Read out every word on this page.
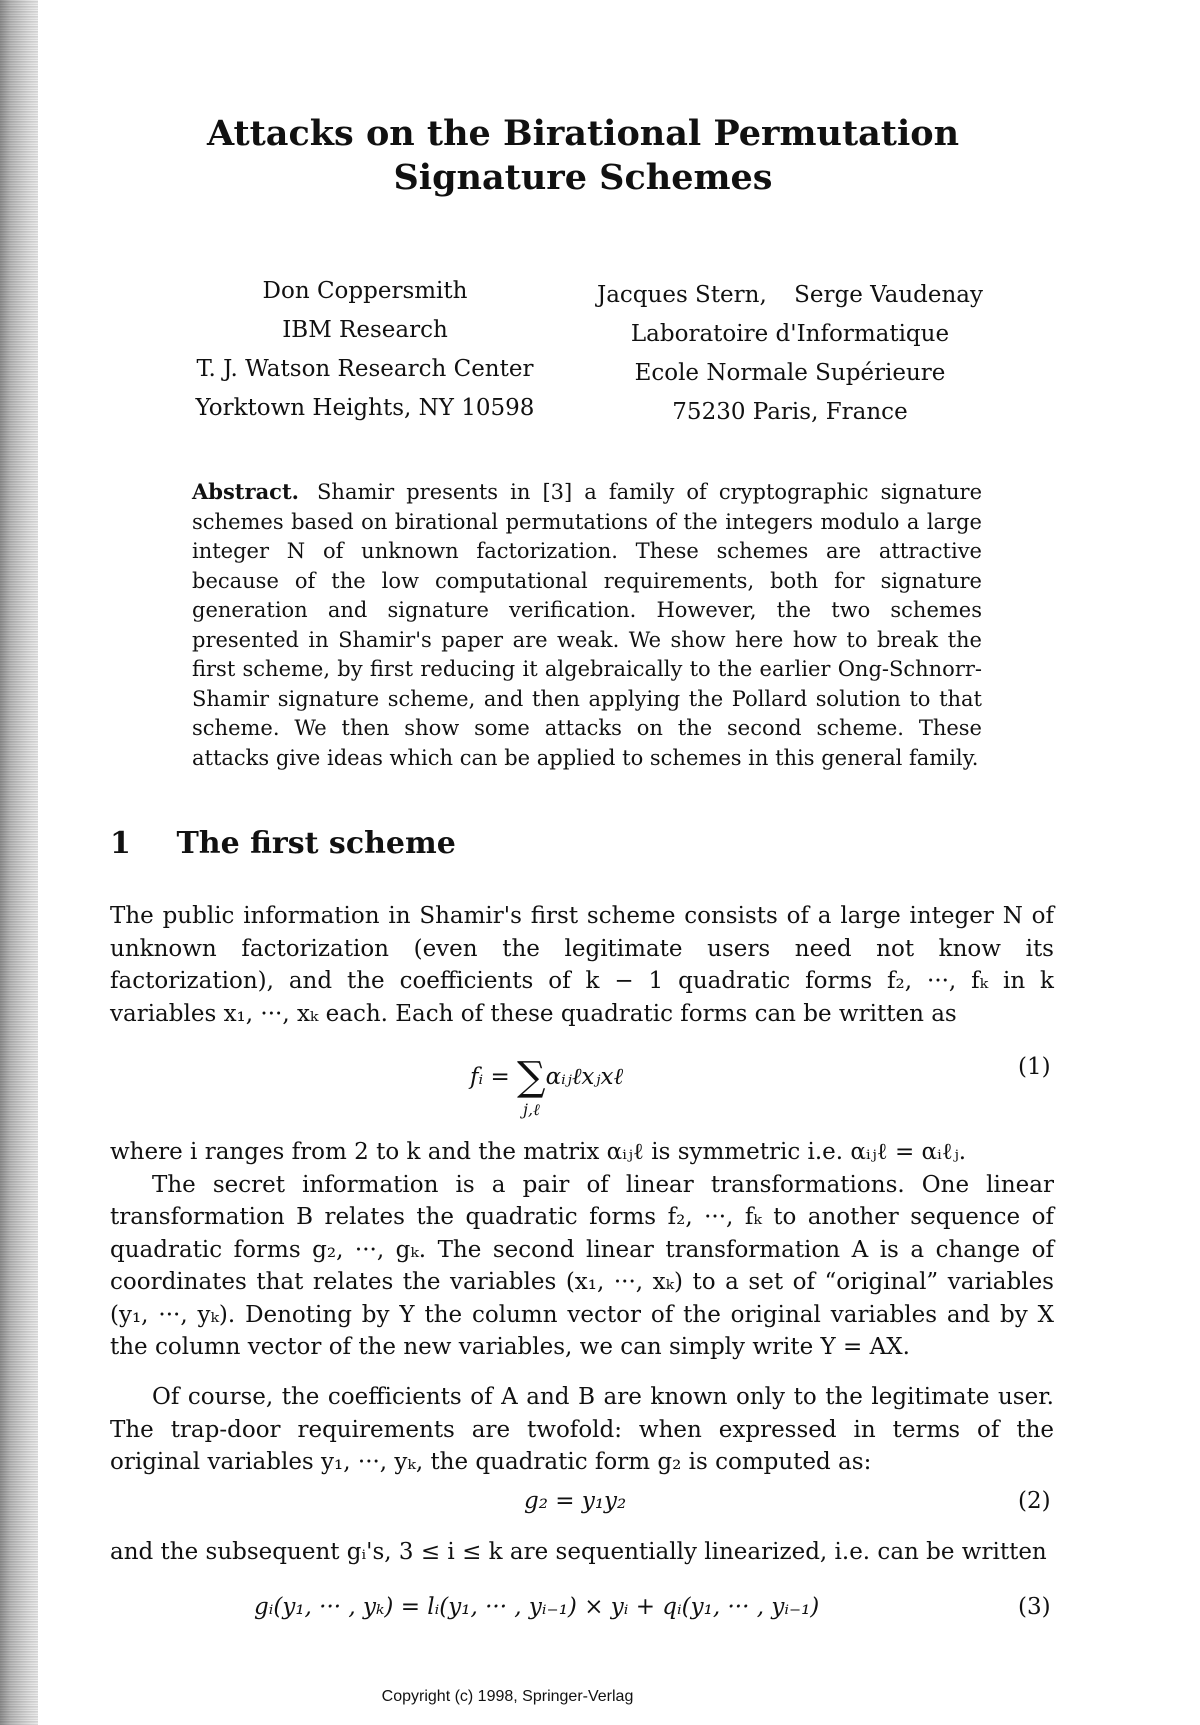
Attacks on the Birational Permutation
Signature Schemes
Don Coppersmith
IBM Research
T. J. Watson Research Center
Yorktown Heights, NY 10598
Jacques Stern, Serge Vaudenay
Laboratoire d'Informatique
Ecole Normale Supérieure
75230 Paris, France
Abstract. Shamir presents in [3] a family of cryptographic signature schemes based on birational permutations of the integers modulo a large integer N of unknown factorization. These schemes are attractive because of the low computational requirements, both for signature generation and signature verification. However, the two schemes presented in Shamir's paper are weak. We show here how to break the first scheme, by first reducing it algebraically to the earlier Ong-Schnorr-Shamir signature scheme, and then applying the Pollard solution to that scheme. We then show some attacks on the second scheme. These attacks give ideas which can be applied to schemes in this general family.
1 The first scheme
The public information in Shamir's first scheme consists of a large integer N of unknown factorization (even the legitimate users need not know its factorization), and the coefficients of k − 1 quadratic forms f₂, ···, fₖ in k variables x₁, ···, xₖ each. Each of these quadratic forms can be written as
fᵢ = ∑
j,ℓ
αᵢⱼℓxⱼxℓ	(1)
where i ranges from 2 to k and the matrix αᵢⱼℓ is symmetric i.e. αᵢⱼℓ = αᵢℓⱼ.
The secret information is a pair of linear transformations. One linear transformation B relates the quadratic forms f₂, ···, fₖ to another sequence of quadratic forms g₂, ···, gₖ. The second linear transformation A is a change of coordinates that relates the variables (x₁, ···, xₖ) to a set of “original” variables (y₁, ···, yₖ). Denoting by Y the column vector of the original variables and by X the column vector of the new variables, we can simply write Y = AX.
Of course, the coefficients of A and B are known only to the legitimate user. The trap-door requirements are twofold: when expressed in terms of the original variables y₁, ···, yₖ, the quadratic form g₂ is computed as:
g₂ = y₁y₂	(2)
and the subsequent gᵢ's, 3 ≤ i ≤ k are sequentially linearized, i.e. can be written
gᵢ(y₁, ··· , yₖ) = lᵢ(y₁, ··· , yᵢ₋₁) × yᵢ + qᵢ(y₁, ··· , yᵢ₋₁)	(3)
Copyright (c) 1998, Springer-Verlag
